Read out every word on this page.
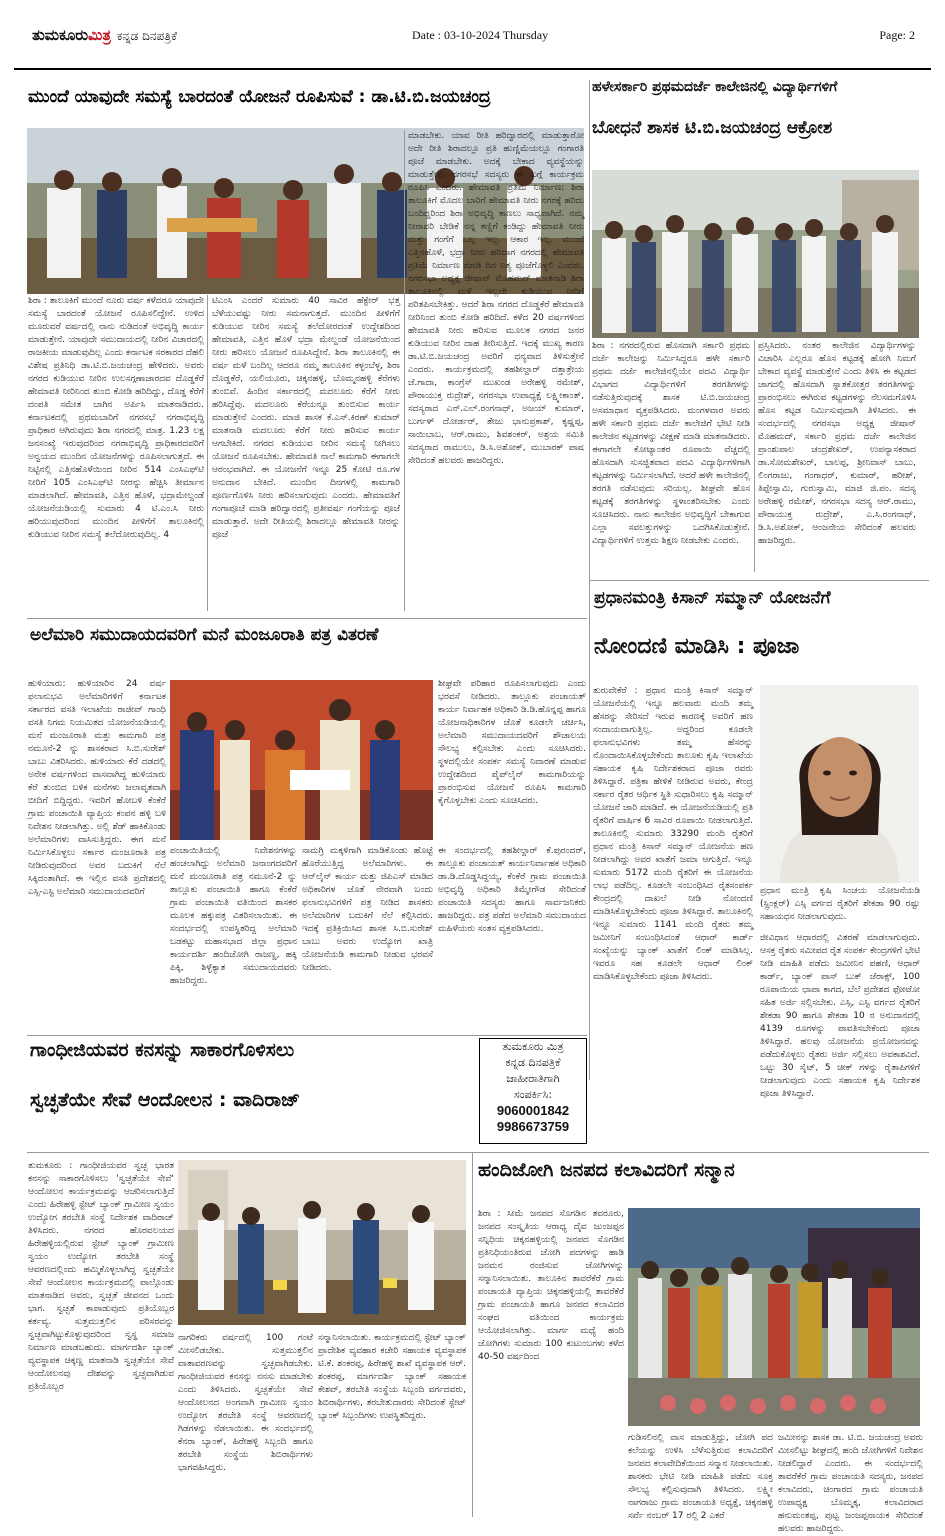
ತುಮಕೂರುಮಿತ್ರ ಕನ್ನಡ ದಿನಪತ್ರಿಕೆ	Date : 03-10-2024 Thursday	Page: 2
ಮುಂದೆ ಯಾವುದೇ ಸಮಸ್ಯೆ ಬಾರದಂತೆ ಯೋಜನೆ ರೂಪಿಸುವೆ : ಡಾ.ಟಿ.ಬಿ.ಜಯಚಂದ್ರ
ಶಿರಾ : ತಾಲೂಕಿಗೆ ಮುಂದೆ ನೂರು ವರ್ಷ ಕಳೆದರೂ ಯಾವುದೇ ಸಮಸ್ಯೆ ಬಾರದಂತೆ ಯೋಜನೆ ರೂಪಿಸಲಿದ್ದೇನೆ. ಉಳಿದ ಮೂರುವರೆ ವರ್ಷದಲ್ಲಿ ನಾನು ನುಡಿದಂತೆ ಅಭಿವೃದ್ಧಿ ಕಾರ್ಯ ಮಾಡುತ್ತೇನೆ. ಯಾವುದೇ ಸಮುದಾಯದಲ್ಲಿ ನೀರಿನ ವಿಚಾರದಲ್ಲಿ ರಾಜಕೀಯ ಮಾಡುವುದಿಲ್ಲ ಎಂದು ಕರ್ನಾಟಕ ಸರಕಾರದ ದೆಹಲಿ ವಿಶೇಷ ಪ್ರತಿನಿಧಿ ಡಾ.ಟಿ.ಬಿ.ಜಯಚಂದ್ರ ಹೇಳಿದರು. ಅವರು ನಗರದ ಕುಡಿಯುವ ನೀರಿನ ಉಲಸಗ್ಗಣಾಜಾರದವ ದೊಡ್ಡಕೆರೆ ಹೇಮಾವತಿ ನೀರಿನಿಂದ ತುಂಬಿ ಕೋಡಿ ಹರಿದಿದ್ದು, ದೊಡ್ಡ ಕೆರೆಗೆ ದಂಪತಿ ಸಮೇತ ಬಾಗಿನ ಅರ್ಪಿಸಿ ಮಾತನಾಡಿದರು. ಕರ್ನಾಟಕದಲ್ಲಿ ಪ್ರಥಮಬಾರಿಗೆ ನಗರಸಭೆ ನಗರಾಭಿವೃದ್ಧಿ ಪ್ರಾಧಿಕಾರ ಆಗಿರುವುದು ಶಿರಾ ನಗರದಲ್ಲಿ ಮಾತ್ರ. 1.23 ಲಕ್ಷ ಜನಸಂಖ್ಯೆ ಇರುವುದರಿಂದ ನಗರಾಭಿವೃದ್ಧಿ ಪ್ರಾಧಿಕಾರದವರಿಗೆ ಅನ್ವಯದ ಮುಂದಿನ ಯೋಜನೆಗಳನ್ನು ರೂಪಿಸಲಾಗುತ್ತದೆ. ಈ ನಿಟ್ಟಿನಲ್ಲಿ ಎತ್ತಿನಹೊಳೆಯಿಂದ ನೀರಿನ 514 ಎಂಸಿಎಫ್‌ಟಿ ನೀರಿಗೆ 105 ಎಂಸಿಎಫ್‌ಟಿ ನೀರನ್ನು ಹೆಚ್ಚಿಸಿ ತೀರ್ಮಾನ ಮಾಡಲಾಗಿದೆ. ಹೇಮಾವತಿ, ಎತ್ತಿನ ಹೊಳೆ, ಭದ್ರಾಮೇಲ್ದಂಡೆ ಯೋಜನೆಯಡಿಯಲ್ಲಿ ಸುಮಾರು 4 ಟಿ.ಎಂ.ಸಿ ನೀರು ಹರಿಯುವುದರಿಂದ ಮುಂದಿನ ಪೀಳಿಗೆಗೆ ತಾಲೂಕಿನಲ್ಲಿ ಕುಡಿಯುವ ನೀರಿನ ಸಮಸ್ಯೆ ತಲೆದೋರುವುದಿಲ್ಲ. 4
ಟಿಎಂಸಿ ಎಂದರೆ ಸುಮಾರು 40 ಸಾವಿರ ಹೆಕ್ಟೇರ್ ಭತ್ತ ಬೆಳೆಯುವಷ್ಟು ನೀರು ಸಮನಾಗುತ್ತದೆ. ಮುಂದಿನ ಪೀಳಿಗೆಗೆ ಕುಡಿಯುವ ನೀರಿನ ಸಮಸ್ಯೆ ತಲೆದೋರದಂತೆ ಉದ್ದೇಶದಿಂದ ಹೇಮಾವತಿ, ಎತ್ತಿನ ಹೊಳೆ ಭದ್ರಾ ಮೇಲ್ದಂಡೆ ಯೋಜನೆಯಿಂದ ನೀರು ಹರಿಸಲು ಯೋಜನೆ ರೂಪಿಸಿದ್ದೇನೆ. ಶಿರಾ ತಾಲೂಕಿನಲ್ಲಿ ಈ ವರ್ಷ ಮಳೆ ಬಂದಿಲ್ಲ ಆದರೂ ನಮ್ಮ ತಾಲೂಕಿನ ಕಳ್ಳಂಬೆಳ್ಳ, ಶಿರಾ ದೊಡ್ಡಕೆರೆ, ಯಲಿಯೂರು, ಚಿಕ್ಕನಹಳ್ಳಿ, ಬೊಮ್ಮನಹಳ್ಳಿ ಕೆರೆಗಳು ತುಂಬಿವೆ. ಹಿಂದಿನ ಸರ್ಕಾರದಲ್ಲಿ ಮದಲೂರು ಕೆರೆಗೆ ನೀರು ಹರಿಸಿದ್ದೆವು. ಮದಲೂರು ಕೆರೆಯನ್ನೂ ತುಂಬಿಸುವ ಕಾರ್ಯ ಮಾಡುತ್ತೇನೆ ಎಂದರು. ಮಾಜಿ ಶಾಸಕ ಕೆ.ಎಸ್.ಕಿರಣ್ ಕುಮಾರ್ ಮಾತನಾಡಿ ಮದಲೂರು ಕೆರೆಗೆ ನೀರು ಹರಿಸುವ ಕಾರ್ಯ ಆಗಬೇಕಿದೆ. ನಗರದ ಕುಡಿಯುವ ನೀರಿನ ಸಮಸ್ಯೆ ನೀಗಿಸಲು ಯೋಜನೆ ರೂಪಿಸಬೇಕು. ಹೇಮಾವತಿ ನಾಲೆ ಕಾಮಗಾರಿ ಈಗಾಗಲೇ ಆರಂಭವಾಗಿದೆ. ಈ ಯೋಜನೆಗೆ ಇನ್ನೂ 25 ಕೋಟಿ ರೂ.ಗಳ ಅನುದಾನ ಬೇಕಿದೆ. ಮುಂದಿನ ದಿನಗಳಲ್ಲಿ ಕಾಮಗಾರಿ ಪೂರ್ಣಗೊಳಿಸಿ ನೀರು ಹರಿಸಲಾಗುವುದು ಎಂದರು. ಹೇಮಾವತಿಗೆ ಗಂಗಾಪೂಜೆ ಮಾಡಿ ಹರಿದ್ವಾರದಲ್ಲಿ ಪ್ರತೀವರ್ಷ ಗಂಗೆಯನ್ನು ಪೂಜೆ ಮಾಡುತ್ತಾರೆ. ಅದೇ ರೀತಿಯಲ್ಲಿ ಶಿರಾದಲ್ಲೂ ಹೇಮಾವತಿ ನೀರನ್ನು ಪೂಜೆ
ಮಾಡಬೇಕು. ಯಾವ ರೀತಿ ಹರಿದ್ವಾರದಲ್ಲಿ ಮಾಡುತ್ತಾರೋ ಅದೇ ರೀತಿ ಶಿರಾದಲ್ಲೂ ಪ್ರತಿ ಹುಣ್ಣಿಮೆಯಲ್ಲೂ ಗಂಗಾರತಿ ಪೂಜೆ ಮಾಡಬೇಕು. ಅದಕ್ಕೆ ಬೇಕಾದ ವ್ಯವಸ್ಥೆಯನ್ನು ಮಾಡುತ್ತೇನೆ. ನಗರಸಭೆ ಸದಸ್ಯರು ಈ ಬಗ್ಗೆ ಕಾರ್ಯಕ್ರಮ ರೂಪಿಸಿ ಎಂದರು. ಹೇಮಾವತಿ ಪ್ರತಿಮೆ ನಿರ್ಮಾಣ: ಶಿರಾ ತಾಲೂಕಿಗೆ ಮೊದಲ ಬಾರಿಗೆ ಹೇಮಾವತಿ ನೀರು ನಗರಕ್ಕೆ ಹರಿದು ಬಂದಿದ್ದರಿಂದ ಶಿರಾ ಅಭಿವೃದ್ಧಿ ಕಾಣಲು ಸಾಧ್ಯವಾಗಿದೆ. ನಮ್ಮ ನೀರಾವರಿ ಬೇಡಿಕೆ ನನ್ನ ಕಣ್ಣಿಗೆ ಕಂಡಿದ್ದು ಹೇಮಾವತಿ ನೀರು ಮತ್ತು ಗಂಗೆಗೆ ಬಲ್ಲ ಇಲ್ಲ. ಆಕಾರ ಇಲ್ಲ. ಮುಂದೆ ಎತ್ತಿನಹೊಳೆ, ಭದ್ರಾ ನೀರು ಹರಿದಾಗ ನಗರದಲ್ಲಿ ಹೇಮಾವತಿ ಪ್ರತಿಮೆ ನಿರ್ಮಾಣ ಮಾಡಿ ದಿನ ನಿತ್ಯ ಪೂಜೆಗೊಳ್ಳಲಿ ಎಂದರು. ನಗರಸಭಾ ಅಧ್ಯಕ್ಷ ಜೀಷಾನ್ ಮೊಹಮದ್ ಮಾತನಾಡಿ ಶಿರಾ ತಾಲೂಕಿನಲ್ಲಿ ಮಳೆ ಇಲ್ಲದೇ ಕುಡಿಯುವ ನೀರಿಗೆ ಪರಿತಪಿಸಬೇಕಿತ್ತು. ಆದರೆ ಶಿರಾ ನಗರದ ದೊಡ್ಡಕೆರೆ ಹೇಮಾವತಿ ನೀರಿನಿಂದ ತುಂಬಿ ಕೋಡಿ ಹರಿದಿದೆ. ಕಳೆದ 20 ವರ್ಷಗಳಿಂದ ಹೇಮಾವತಿ ನೀರು ಹರಿಸುವ ಮೂಲಕ ನಗರದ ಜನರ ಕುಡಿಯುವ ನೀರಿನ ದಾಹ ತೀರಿಸುತ್ತಿದೆ. ಇದಕ್ಕೆ ಮುಖ್ಯ ಕಾರಣ ಡಾ.ಟಿ.ಬಿ.ಜಯಚಂದ್ರ ಅವರಿಗೆ ಧನ್ಯವಾದ ತಿಳಿಸುತ್ತೇನೆ ಎಂದರು. ಕಾರ್ಯಕ್ರಮದಲ್ಲಿ ತಹಶೀಲ್ದಾರ್ ದತ್ತಾತ್ರೇಯ ಜೆ.ಗಾದಾ, ಕಾಂಗ್ರೆಸ್ ಮುಖಂಡ ಅರೇಹಳ್ಳಿ ರಮೇಶ್, ಪೌರಾಯುಕ್ತ ರುದ್ರೇಶ್, ನಗರಸಭಾ ಉಪಾಧ್ಯಕ್ಷೆ ಲಕ್ಷ್ಮೀಕಾಂತ್, ಸದಸ್ಯರಾದ ಎನ್.ಎಲ್.ರಂಗನಾಥ್, ಅಜಯ್ ಕುಮಾರ್, ಬುರ್ಗಳ್ ದೋರ್ಡರ್, ತೇಜು ಭಾನುಪ್ರಕಾಶ್, ಕೃಷ್ಣಪ್ಪ, ಸಾಯಿಬಾಬ, ಆರ್.ರಾಮು, ಶಿವಶಂಕರ್, ಅಶ್ರಯ ಸಮಿತಿ ಸದಸ್ಯರಾದ ರಾಮುಲು, ಡಿ.ಸಿ.ಅಶೋಕ್, ಮುಬಾರಕ್ ಪಾಷ ಸೇರಿದಂತೆ ಹಲವರು ಹಾಜರಿದ್ದರು.
ಹಳೇಸರ್ಕಾರಿ ಪ್ರಥಮದರ್ಜೆ ಕಾಲೇಜಿನಲ್ಲಿ ವಿದ್ಯಾರ್ಥಿಗಳಿಗೆ
ಬೋಧನೆ ಶಾಸಕ ಟಿ.ಬಿ.ಜಯಚಂದ್ರ ಆಕ್ರೋಶ
ಶಿರಾ : ನಗರದಲ್ಲಿರುವ ಹೊಸದಾಗಿ ಸರ್ಕಾರಿ ಪ್ರಥಮ ದರ್ಜೆ ಕಾಲೇಜನ್ನು ನಿರ್ಮಿಸಿದ್ದರೂ ಹಳೇ ಸರ್ಕಾರಿ ಪ್ರಥಮ ದರ್ಜೆ ಕಾಲೇಜಿನಲ್ಲಿಯೇ ಪದವಿ ವಿದ್ಯಾರ್ಥಿ ವಿಭಾಗದ ವಿದ್ಯಾರ್ಥಿಗಳಿಗೆ ತರಗತಿಗಳನ್ನು ನಡೆಸುತ್ತಿರುವುದಕ್ಕೆ ಶಾಸಕ ಟಿ.ಬಿ.ಜಯಚಂದ್ರ ಅಸಮಾಧಾನ ವ್ಯಕ್ತಪಡಿಸಿದರು. ಮಂಗಳವಾರ ಅವರು ಹಳೇ ಸರ್ಕಾರಿ ಪ್ರಥಮ ದರ್ಜೆ ಕಾಲೇಜಿಗೆ ಭೇಟಿ ನೀಡಿ ಕಾಲೇಜಿನ ಕಟ್ಟಡಗಳನ್ನು ವೀಕ್ಷಣೆ ಮಾಡಿ ಮಾತನಾಡಿದರು. ಈಗಾಗಲೇ ಕೋಟ್ಯಾಂತರ ರೂಪಾಯಿ ವೆಚ್ಚದಲ್ಲಿ ಹೊಸದಾಗಿ ಸುಸಜ್ಜಿತವಾದ ಪದವಿ ವಿದ್ಯಾರ್ಥಿಗಳಿಗಾಗಿ ಕಟ್ಟಡಗಳನ್ನು ನಿರ್ಮಿಸಲಾಗಿದೆ. ಆದರೆ ಹಳೇ ಕಾಲೇಜಿನಲ್ಲಿ ತರಗತಿ ನಡೆಸುವುದು ಸರಿಯಲ್ಲ. ಶೀಘ್ರವೇ ಹೊಸ ಕಟ್ಟಡಕ್ಕೆ ತರಗತಿಗಳನ್ನು ಸ್ಥಳಾಂತರಿಸಬೇಕು ಎಂದು ಸೂಚಿಸಿದರು. ನಾನು ಕಾಲೇಜಿನ ಅಭಿವೃದ್ಧಿಗೆ ಬೇಕಾಗುವ ಎಲ್ಲಾ ಸವಲತ್ತುಗಳನ್ನು ಒದಗಿಸಿಕೊಡುತ್ತೇನೆ. ವಿದ್ಯಾರ್ಥಿಗಳಿಗೆ ಉತ್ತಮ ಶಿಕ್ಷಣ ನೀಡಬೇಕು ಎಂದರು.
ಪ್ರಸ್ತಿಸಿದರು. ನಂತರ ಕಾಲೇಜಿನ ವಿದ್ಯಾರ್ಥಿಗಳನ್ನು ವಿಚಾರಿಸಿ ಎಲ್ಲರೂ ಹೊಸ ಕಟ್ಟಡಕ್ಕೆ ಹೋಗಿ ನಿಮಗೆ ಬೇಕಾದ ವ್ಯವಸ್ಥೆ ಮಾಡುತ್ತೇನೆ ಎಂದು ತಿಳಿಸಿ ಈ ಕಟ್ಟಡದ ಜಾಗದಲ್ಲಿ ಹೊಸದಾಗಿ ಸ್ನಾತಕೋತ್ತರ ತರಗತಿಗಳನ್ನು ಪ್ರಾರಂಭಿಸಲು ಈಗಿರುವ ಕಟ್ಟಡಗಳನ್ನು ನೆಲಸಮಗೊಳಿಸಿ ಹೊಸ ಕಟ್ಟಡ ನಿರ್ಮಿಸುವುದಾಗಿ ತಿಳಿಸಿದರು. ಈ ಸಂದರ್ಭದಲ್ಲಿ ನಗರಸಭಾ ಅಧ್ಯಕ್ಷ ಜೀಷಾನ್ ಮೊಹಮದ್, ಸರ್ಕಾರಿ ಪ್ರಥಮ ದರ್ಜೆ ಕಾಲೇಜಿನ ಪ್ರಾಂಶುಪಾಲ ಚಂದ್ರಶೇಖರ್, ಉಪನ್ಯಾಸಕರಾದ ಡಾ.ಸೋಮಶೇಖರ್, ಬಾಲಪ್ಪ, ಶ್ರೀನಿವಾಸ್ ಬಾಬು, ಲಿಂಗರಾಜು, ಗಂಗಾಧರ್, ಕುಮಾರ್, ಹರೀಶ್, ತಿಪ್ಪೇಸ್ವಾಮಿ, ಗುರುಸ್ವಾಮಿ, ಮಾಜಿ ಜಿ.ಪಂ. ಸದಸ್ಯ ಅರೇಹಳ್ಳಿ ರಮೇಶ್, ನಗರಸಭಾ ಸದಸ್ಯ ಆರ್.ರಾಮು, ಪೌರಾಯುಕ್ತ ರುದ್ರೇಶ್, ಎ.ಸಿ.ರಂಗನಾಥ್, ಡಿ.ಸಿ.ಅಶೋಕ್, ಆಂಜನೇಯ ಸೇರಿದಂತೆ ಹಲವರು ಹಾಜರಿದ್ದರು.
ಪ್ರಧಾನಮಂತ್ರಿ ಕಿಸಾನ್ ಸಮ್ಮಾನ್ ಯೋಜನೆಗೆ
ನೋಂದಣಿ ಮಾಡಿಸಿ : ಪೂಜಾ
ತುರುವೇಕೆರೆ : ಪ್ರಧಾನ ಮಂತ್ರಿ ಕಿಸಾನ್ ಸಮ್ಮಾನ್ ಯೋಜನೆಯಲ್ಲಿ ಇನ್ನೂ ಹಲವಾರು ಮಂದಿ ತಮ್ಮ ಹೆಸರನ್ನು ಸೇರಿಸದೆ ಇರುವ ಕಾರಣಕ್ಕೆ ಅವರಿಗೆ ಹಣ ಸಂದಾಯವಾಗುತ್ತಿಲ್ಲ. ಅದ್ದರಿಂದ ಕೂಡಲೇ ಫಲಾನುಭವಿಗಳು ತಮ್ಮ ಹೆಸರನ್ನು ನೊಂದಾಯಿಸಿಕೊಳ್ಳಬೇಕೆಂದು ತಾಲೂಕು ಕೃಷಿ ಇಲಾಖೆಯ ಸಹಾಯಕ ಕೃಷಿ ನಿರ್ದೇಶಕರಾದ ಪೂಜಾ ರವರು ತಿಳಿಸಿದ್ದಾರೆ. ಪತ್ರಿಕಾ ಹೇಳಿಕೆ ನೀಡಿರುವ ಅವರು, ಕೇಂದ್ರ ಸರ್ಕಾರ ರೈತರ ಆರ್ಥಿಕ ಸ್ಥಿತಿ ಸುಧಾರಿಸಲು ಕೃಷಿ ಸಮ್ಮಾನ್ ಯೋಜನೆ ಜಾರಿ ಮಾಡಿದೆ. ಈ ಯೋಜನೆಯಡಿಯಲ್ಲಿ ಪ್ರತಿ ರೈತರಿಗೆ ವಾರ್ಷಿಕ 6 ಸಾವಿರ ರೂಪಾಯಿ ನೀಡಲಾಗುತ್ತಿದೆ. ತಾಲೂಕಿನಲ್ಲಿ ಸುಮಾರು 33290 ಮಂದಿ ರೈತರಿಗೆ ಪ್ರಧಾನ ಮಂತ್ರಿ ಕಿಸಾನ್ ಸಮ್ಮಾನ್ ಯೋಜನೆಯ ಹಣ ನೀಡಲಾಗಿದ್ದು ಅವರ ಖಾತೆಗೆ ಜಮಾ ಆಗುತ್ತಿದೆ. ಇನ್ನೂ ಸುಮಾರು 5172 ಮಂದಿ ರೈತರಿಗೆ ಈ ಯೋಜನೆಯ ಲಾಭ ಪಡೆದಿಲ್ಲ. ಕೂಡಲೇ ಸಂಬಂಧಿಸಿದ ರೈತಸಂಪರ್ಕ ಕೇಂದ್ರದಲ್ಲಿ ದಾಖಲೆ ನೀಡಿ ನೋಂದಣಿ ಮಾಡಿಸಿಕೊಳ್ಳಬೇಕೆಂದು ಪೂಜಾ ತಿಳಿಸಿದ್ದಾರೆ. ತಾಲೂಕಿನಲ್ಲಿ ಇನ್ನೂ ಸುಮಾರು 1141 ಮಂದಿ ರೈತರು ತಮ್ಮ ಜಮೀನಿಗೆ ಸಂಬಂಧಿಸಿದಂತೆ ಆಧಾರ್ ಕಾರ್ಡ್ ಸಂಖ್ಯೆಯನ್ನು ಬ್ಯಾಂಕ್ ಖಾತೆಗೆ ಲಿಂಕ್ ಮಾಡಿಸಿಲ್ಲ. ಇವರೂ ಸಹ ಕೂಡಲೇ ಆಧಾರ್ ಲಿಂಕ್ ಮಾಡಿಸಿಕೊಳ್ಳಬೇಕೆಂದು ಪೂಜಾ ತಿಳಿಸಿದರು.
ಪ್ರಧಾನ ಮಂತ್ರಿ ಕೃಷಿ ಸಿಂಚಯ ಯೋಜನೆಯಡಿ (ಸ್ಪ್ರಿಂಕ್ಲರ್) ಎಸ್ಸಿ ವರ್ಗದ ರೈತರಿಗೆ ಶೇಕಡಾ 90 ರಷ್ಟು ಸಹಾಯಧನ ನೀಡಲಾಗುವುದು.
ಜೀವಿಧಾನ ಆಧಾರದಲ್ಲಿ ವಿತರಣೆ ಮಾಡಲಾಗುವುದು. ಆಸಕ್ತ ರೈತರು ಸಮೀಪದ ರೈತ ಸಂಪರ್ಕ ಕೇಂದ್ರಗಳಿಗೆ ಭೇಟಿ ನೀಡಿ ಮಾಹಿತಿ ಪಡೆದು ಜಮೀನಿನ ಪಹಣಿ, ಆಧಾರ್ ಕಾರ್ಡ್, ಬ್ಯಾಂಕ್ ಪಾಸ್ ಬುಕ್ ಜೆರಾಕ್ಸ್, 100 ರೂಪಾಯಿಯ ಛಾಪಾ ಕಾಗದ, ಬೆಲೆ ಪ್ರದೇಶದ ಫೋಟೋ ಸಹಿತ ಅರ್ಜಿ ಸಲ್ಲಿಸಬೇಕು. ಎಸ್ಸಿ, ಎಸ್ಟಿ ವರ್ಗದ ರೈತರಿಗೆ ಶೇಕಡಾ 90 ಹಾಗೂ ಶೇಕಡಾ 10 ರ ಅನುದಾನದಲ್ಲಿ 4139 ರೂಗಳನ್ನು ಪಾವತಿಸಬೇಕೆಂದು ಪೂಜಾ ತಿಳಿಸಿದ್ದಾರೆ. ಹಲವು ಯೋಜನೆಯ ಪ್ರಯೋಜನವನ್ನು ಪಡೆದುಕೊಳ್ಳಲು ರೈತರು ಅರ್ಜಿ ಸಲ್ಲಿಸಲು ಅವಕಾಶವಿದೆ. ಒಟ್ಟು 30 ಸೈಟ್, 5 ಚೀಕ್ ಗಳನ್ನು ರೈತಾಪಿಗಳಿಗೆ ನೀಡಲಾಗುವುದು ಎಂದು ಸಹಾಯಕ ಕೃಷಿ ನಿರ್ದೇಶಕ ಪೂಜಾ ತಿಳಿಸಿದ್ದಾರೆ.
ಅಲೆಮಾರಿ ಸಮುದಾಯದವರಿಗೆ ಮನೆ ಮಂಜೂರಾತಿ ಪತ್ರ ವಿತರಣೆ
ಹುಳಿಯಾರು: ಹುಳಿಯಾರಿನ 24 ವರ್ಷ ಫಲಾನುಭವಿ ಅಲೆಮಾರಿಗಳಿಗೆ ಕರ್ನಾಟಕ ಸರ್ಕಾರದ ವಸತಿ ಇಲಾಖೆಯ ರಾಜೀವ್ ಗಾಂಧಿ ವಸತಿ ನಿಗಮ ನಿಯಮಿತದ ಯೋಜನೆಯಡಿಯಲ್ಲಿ ಮನೆ ಮಂಜೂರಾತಿ ಮತ್ತು ಕಾಮಗಾರಿ ಪತ್ರ ನಮೂನೆ-2 ನ್ನು ಶಾಸಕರಾದ ಸಿ.ಬಿ.ಸುರೇಶ್ ಬಾಬು ವಿತರಿಸಿದರು. ಹುಳಿಯಾರು ಕೆರೆ ದಡದಲ್ಲಿ ಅನೇಕ ವರ್ಷಗಳಿಂದ ವಾಸವಾಗಿದ್ದ ಹುಳಿಯಾರು ಕೆರೆ ತುಂಬಿದ ಬಳಿಕ ಮನೆಗಳು ಜಲಾವೃತವಾಗಿ ಬೀದಿಗೆ ಬಿದ್ದಿದ್ದರು. ಇವರಿಗೆ ಹೋಬಳಿ ಕೆಂಕೆರೆ ಗ್ರಾಮ ಪಂಚಾಯಿತಿ ವ್ಯಾಪ್ತಿಯ ಕಂಪನ ಹಳ್ಳಿ ಬಳಿ ನಿವೇಶನ ನೀಡಲಾಗಿತ್ತು. ಅಲ್ಲಿ ಶೆಡ್ ಹಾಕಿಕೊಂಡು ಅಲೆಮಾರಿಗಳು ವಾಸಿಸುತ್ತಿದ್ದರು. ಈಗ ಮನೆ ನಿರ್ಮಿಸಿಕೊಳ್ಳಲು ಸರ್ಕಾರ ಮಂಜೂರಾತಿ ಪತ್ರ ನೀಡಿರುವುದರಿಂದ ಅವರ ಬದುಕಿಗೆ ನೆಲೆ ಸಿಕ್ಕಿದಂತಾಗಿದೆ. ಈ ಇಲ್ಲಿನ ವಸತಿ ಪ್ರದೇಶದಲ್ಲಿ ಎಸ್ಸಿ-ಎಸ್ಟಿ ಅಲೆಮಾರಿ ಸಮುದಾಯದವರಿಗೆ
ಶೀಘ್ರವೇ ಪರಿಹಾರ ರೂಪಿಸಲಾಗುವುದು ಎಂದು ಭರವಸೆ ನೀಡಿದರು. ತಾಲ್ಲೂಕು ಪಂಚಾಯತ್ ಕಾರ್ಯ ನಿರ್ವಾಹಕ ಅಧಿಕಾರಿ ಡಿ.ಡಿ.ಹೊನ್ನಪ್ಪ ಹಾಗೂ ಯೋಜನಾಧಿಕಾರಿಗಳ ಜೊತೆ ಕೂಡಲೇ ಚರ್ಚಿಸಿ, ಅಲೆಮಾರಿ ಸಮುದಾಯದವರಿಗೆ ಶೌಚಾಲಯ ಸೌಲಭ್ಯ ಕಲ್ಪಿಸಬೇಕು ಎಂದು ಸೂಚಿಸಿದರು. ಸ್ಥಳದಲ್ಲಿಯೇ ಸಂಪರ್ಕ ಸಮಸ್ಯೆ ನಿವಾರಣೆ ಮಾಡುವ ಉದ್ದೇಶದಿಂದ ಪೈಪ್‌ಲೈನ್ ಕಾಮಗಾರಿಯನ್ನು ಪ್ರಾರಂಭಿಸುವ ಯೋಜನೆ ರೂಪಿಸಿ ಕಾಮಗಾರಿ ಕೈಗೊಳ್ಳಬೇಕು ಎಂದು ಸೂಚಿಸಿದರು.
ಪಂಚಾಯಿತಿಯಲ್ಲಿ ನಿವೇಶನಗಳನ್ನು ಹಂಚಲಾಗಿದ್ದು ಅಲೆಮಾರಿ ಜನಾಂಗದವರಿಗೆ ಮನೆ ಮಂಜೂರಾತಿ ಪತ್ರ ನಮೂನೆ-2 ನ್ನು ತಾಲ್ಲೂಕು ಪಂಚಾಯಿತಿ ಹಾಗೂ ಕೆಂಕೆರೆ ಗ್ರಾಮ ಪಂಚಾಯಿತಿ ವತಿಯಿಂದ ಶಾಸಕರ ಮೂಲಕ ಹಕ್ಕುಪತ್ರ ವಿತರಿಸಲಾಯಿತು. ಈ ಸಂದರ್ಭದಲ್ಲಿ ಉಪಸ್ಥಿತರಿದ್ದ ಅಲೆಮಾರಿ ಬಡಕಟ್ಟು ಮಹಾಸಭಾದ ಜಿಲ್ಲಾ ಪ್ರಧಾನ ಕಾರ್ಯದರ್ಶಿ ಹಂದಿಜೋಗಿ ರಾಜಣ್ಣ, ಹಕ್ಕಿ ಪಿಕ್ಕಿ, ಶಿಳ್ಳೆಕ್ಯಾತ ಸಮುದಾಯದವರು ಹಾಜರಿದ್ದರು.
ಸಾಮಗ್ರಿ ಮಕ್ಕಳಿಗಾಗಿ ಮಾಡಿಕೊಂಡು ಹೊಟ್ಟೆ ಹೊರೆಯುತ್ತಿದ್ದ ಅಲೆಮಾರಿಗಳು. ಈ ಆನ್‌ಲೈನ್ ಕಾರ್ಯ ಮತ್ತು ಜಿಪಿಎಸ್ ಮಾಡಿದ ಅಧಿಕಾರಿಗಳ ಜೊತೆ ನೇರವಾಗಿ ಬಂದು ಫಲಾನುಭವಿಗಳಿಗೆ ಪತ್ರ ನೀಡಿದ ಶಾಸಕರು ಅಲೆಮಾರಿಗಳ ಬದುಕಿಗೆ ನೆಲೆ ಕಲ್ಪಿಸಿದರು. ಇದಕ್ಕೆ ಪ್ರತಿಕ್ರಿಯಿಸಿದ ಶಾಸಕ ಸಿ.ಬಿ.ಸುರೇಶ್ ಬಾಬು ಅವರು ಉದ್ಯೋಗ ಖಾತ್ರಿ ಯೋಜನೆಯಡಿ ಕಾಮಗಾರಿ ನೀಡುವ ಭರವಸೆ ನೀಡಿದರು.
ಈ ಸಂದರ್ಭದಲ್ಲಿ ತಹಶೀಲ್ದಾರ್ ಕೆ.ಪುರಂದರ್, ತಾಲ್ಲೂಕು ಪಂಚಾಯತ್ ಕಾರ್ಯನಿರ್ವಾಹಕ ಅಧಿಕಾರಿ ಡಾ.ಡಿ.ದೊಡ್ಡಸಿದ್ದಯ್ಯ, ಕೆಂಕೆರೆ ಗ್ರಾಮ ಪಂಚಾಯಿತಿ ಅಭಿವೃದ್ಧಿ ಅಧಿಕಾರಿ ತಿಮ್ಮೇಗೌಡ ಸೇರಿದಂತೆ ಪಂಚಾಯಿತಿ ಸದಸ್ಯರು ಹಾಗೂ ಸಾರ್ವಜನಿಕರು ಹಾಜರಿದ್ದರು. ಪತ್ರ ಪಡೆದ ಅಲೆಮಾರಿ ಸಮುದಾಯದ ಮಹಿಳೆಯರು ಸಂತಸ ವ್ಯಕ್ತಪಡಿಸಿದರು.
ಗಾಂಧೀಜಿಯವರ ಕನಸನ್ನು ಸಾಕಾರಗೊಳಿಸಲು
ಸ್ವಚ್ಛತೆಯೇ ಸೇವೆ ಆಂದೋಲನ : ವಾದಿರಾಜ್
ತುಮಕೂರು ಮಿತ್ರ
ಕನ್ನಡ ದಿನಪತ್ರಿಕೆ
ಜಾಹೀರಾತಿಗಾಗಿ
ಸಂಪರ್ಕಿಸಿ:
9060001842
9986673759
ತುಮಕೂರು : ಗಾಂಧೀಜಿಯವರ ಸ್ವಚ್ಛ ಭಾರತ ಕನಸನ್ನು ಸಾಕಾರಗೊಳಿಸಲು 'ಸ್ವಚ್ಛತೆಯೇ ಸೇವೆ' ಆಂದೋಲನ ಕಾರ್ಯಕ್ರಮವನ್ನು ಆಚರಿಸಲಾಗುತ್ತಿದೆ ಎಂದು ಹಿರೇಹಳ್ಳಿ ಸ್ಟೇಟ್ ಬ್ಯಾಂಕ್ ಗ್ರಾಮೀಣ ಸ್ವಯಂ ಉದ್ಯೋಗ ತರಬೇತಿ ಸಂಸ್ಥೆ ನಿರ್ದೇಶಕ ವಾದಿರಾಜ್ ತಿಳಿಸಿದರು. ನಗರದ ಹೊರವಲಯದ ಹಿರೇಹಳ್ಳಿಯಲ್ಲಿರುವ ಸ್ಟೇಟ್ ಬ್ಯಾಂಕ್ ಗ್ರಾಮೀಣ ಸ್ವಯಂ ಉದ್ಯೋಗ ತರಬೇತಿ ಸಂಸ್ಥೆ ಆವರಣದಲ್ಲಿಂದು ಹಮ್ಮಿಕೊಳ್ಳಲಾಗಿದ್ದ ಸ್ವಚ್ಛತೆಯೇ ಸೇವೆ ಆಂದೋಲನ ಕಾರ್ಯಕ್ರಮದಲ್ಲಿ ಪಾಲ್ಗೊಂಡು ಮಾತನಾಡಿದ ಅವರು, ಸ್ವಚ್ಛತೆ ಜೀವನದ ಒಂದು ಭಾಗ. ಸ್ವಚ್ಛತೆ ಕಾಪಾಡುವುದು ಪ್ರತಿಯೊಬ್ಬರ ಕರ್ತವ್ಯ. ಸುತ್ತಮುತ್ತಲಿನ ಪರಿಸರವನ್ನು ಸ್ವಚ್ಛವಾಗಿಟ್ಟುಕೊಳ್ಳುವುದರಿಂದ ಸ್ವಸ್ಥ ಸಮಾಜ ನಿರ್ಮಾಣ ಮಾಡಬಹುದು. ಮಾರ್ಗದರ್ಶಿ ಬ್ಯಾಂಕ್ ವ್ಯವಸ್ಥಾಪಕ ಚಿಕ್ಕಣ್ಣ ಮಾತನಾಡಿ ಸ್ವಚ್ಛತೆಯೇ ಸೇವೆ ಆಂದೋಲನವು ದೇಶವನ್ನು ಸ್ವಚ್ಛವಾಗಿಡುವ ಪ್ರತಿಯೊಬ್ಬರ
ನಾಗರಿಕರು ವರ್ಷದಲ್ಲಿ 100 ಗಂಟೆ ಮೀಸಲಿಡಬೇಕು. ಸುತ್ತಮುತ್ತಲಿನ ವಾತಾವರಣವನ್ನು ಸ್ವಚ್ಛವಾಗಿಡಬೇಕು. ಗಾಂಧೀಜಿಯವರ ಕನಸನ್ನು ನನಸು ಮಾಡಬೇಕು ಎಂದು ತಿಳಿಸಿದರು. ಸ್ವಚ್ಛತೆಯೇ ಸೇವೆ ಆಂದೋಲನದ ಅಂಗವಾಗಿ ಗ್ರಾಮೀಣ ಸ್ವಯಂ ಉದ್ಯೋಗ ತರಬೇತಿ ಸಂಸ್ಥೆ ಆವರಣದಲ್ಲಿ ಗಿಡಗಳನ್ನು ನೆಡಲಾಯಿತು. ಈ ಸಂದರ್ಭದಲ್ಲಿ ಕೆನರಾ ಬ್ಯಾಂಕ್, ಹಿರೇಹಳ್ಳಿ ಸಿಬ್ಬಂದಿ ಹಾಗೂ ತರಬೇತಿ ಸಂಸ್ಥೆಯ ಶಿಬಿರಾರ್ಥಿಗಳು ಭಾಗವಹಿಸಿದ್ದರು.
ಸನ್ಮಾನಿಸಲಾಯಿತು. ಕಾರ್ಯಕ್ರಮದಲ್ಲಿ ಸ್ಟೇಟ್ ಬ್ಯಾಂಕ್ ಪ್ರಾದೇಶಿಕ ವ್ಯವಹಾರ ಕಚೇರಿ ಸಹಾಯಕ ವ್ಯವಸ್ಥಾಪಕ ಟಿ.ಕೆ. ಶಂಕರಪ್ಪ, ಹಿರೇಹಳ್ಳಿ ಶಾಖೆ ವ್ಯವಸ್ಥಾಪಕ ಆರ್. ಶಂಕರಪ್ಪ, ಮಾರ್ಗದರ್ಶಿ ಬ್ಯಾಂಕ್ ಸಹಾಯಕ ಕೇಶವ್, ತರಬೇತಿ ಸಂಸ್ಥೆಯ ಸಿಬ್ಬಂದಿ ವರ್ಗದವರು, ಶಿಬಿರಾರ್ಥಿಗಳು, ತರಬೇತುದಾರರು ಸೇರಿದಂತೆ ಸ್ಟೇಟ್ ಬ್ಯಾಂಕ್ ಸಿಬ್ಬಂದಿಗಳು ಉಪಸ್ಥಿತರಿದ್ದರು.
ಹಂದಿಜೋಗಿ ಜನಪದ ಕಲಾವಿದರಿಗೆ ಸನ್ಮಾನ
ಶಿರಾ : ಸೀಮೆ ಜನಪದ ಸೊಗಡಿನ ತವರೂರು, ಜನಪದ ಸಂಸ್ಕೃತಿಯ ಆರಾಧ್ಯ ದೈವ ಜುಂಜಪ್ಪನ ಸನ್ನಿಧಿಯ ಚಿಕ್ಕನಹಳ್ಳಿಯಲ್ಲಿ ಜನಪದ ಸೊಗಡಿನ ಪ್ರತಿನಿಧಿಯಂತಿರುವ ಜೋಗಿ ಪದಗಳನ್ನು ಹಾಡಿ ಜನಮನ ರಂಜಿಸುವ ಜೋಗಿಗಳನ್ನು ಸನ್ಮಾನಿಸಲಾಯಿತು. ತಾಲೂಕಿನ ತಾವರೆಕೆರೆ ಗ್ರಾಮ ಪಂಚಾಯತಿ ವ್ಯಾಪ್ತಿಯ ಚಿಕ್ಕನಹಳ್ಳಿಯಲ್ಲಿ ತಾವರೆಕೆರೆ ಗ್ರಾಮ ಪಂಚಾಯತಿ ಹಾಗೂ ಜನಪದ ಕಲಾವಿದರ ಸಂಘದ ವತಿಯಿಂದ ಕಾರ್ಯಕ್ರಮ ಆಯೋಜಿಸಲಾಗಿತ್ತು. ಮಾರ್ಗ ಮಧ್ಯೆ ಹಂದಿ ಜೋಗಿಗಳು ಸುಮಾರು 100 ಕುಟುಂಬಗಳು ಕಳೆದ 40-50 ವರ್ಷದಿಂದ
ಗುಡಿಸಲಿನಲ್ಲಿ ವಾಸ ಮಾಡುತ್ತಿದ್ದು, ಜೋಗಿ ಪದ ಕಲೆಯನ್ನು ಉಳಿಸಿ ಬೆಳೆಸುತ್ತಿರುವ ಕಲಾವಿದರಿಗೆ ಜನಪದ ಕಲಾವೇದಿಕೆಯಿಂದ ಸನ್ಮಾನ ನೀಡಲಾಯಿತು. ಶಾಸಕರು ಭೇಟಿ ನೀಡಿ ಮಾಹಿತಿ ಪಡೆದು ಸೂಕ್ತ ಸೌಲಭ್ಯ ಕಲ್ಪಿಸುವುದಾಗಿ ತಿಳಿಸಿದರು. ಲಕ್ಷ್ಮೀ ನಾಗರಾಜು ಗ್ರಾಮ ಪಂಚಾಯತಿ ಅಧ್ಯಕ್ಷೆ, ಚಿಕ್ಕನಹಳ್ಳಿ ಸರ್ವೆ ನಂಬರ್ 17 ರಲ್ಲಿ 2 ಎಕರೆ
ಜಮೀನನ್ನು ಶಾಸಕ ಡಾ. ಟಿ.ಬಿ. ಜಯಚಂದ್ರ ಅವರು ಮೀಸಲಿಟ್ಟು ಶೀಘ್ರದಲ್ಲಿ ಹಂದಿ ಜೋಗಿಗಳಿಗೆ ನಿವೇಶನ ನೀಡಲಿದ್ದಾರೆ ಎಂದರು. ಈ ಸಂದರ್ಭದಲ್ಲಿ ತಾವರೆಕೆರೆ ಗ್ರಾಮ ಪಂಚಾಯತಿ ಸದಸ್ಯರು, ಜನಪದ ಕಲಾವಿದರು, ಚಿಂಗಾರದ ಗ್ರಾಮ ಪಂಚಾಯತಿ ಉಪಾಧ್ಯಕ್ಷ ಬೊಮ್ಮಕ್ಕ, ಕಲಾವಿದರಾದ ಹನುಮಂತಪ್ಪ, ಪುಟ್ಟ ಜಂಜಪ್ಪನಾಯಕ ಸೇರಿದಂತೆ ಹಲವರು ಹಾಜರಿದ್ದರು.
